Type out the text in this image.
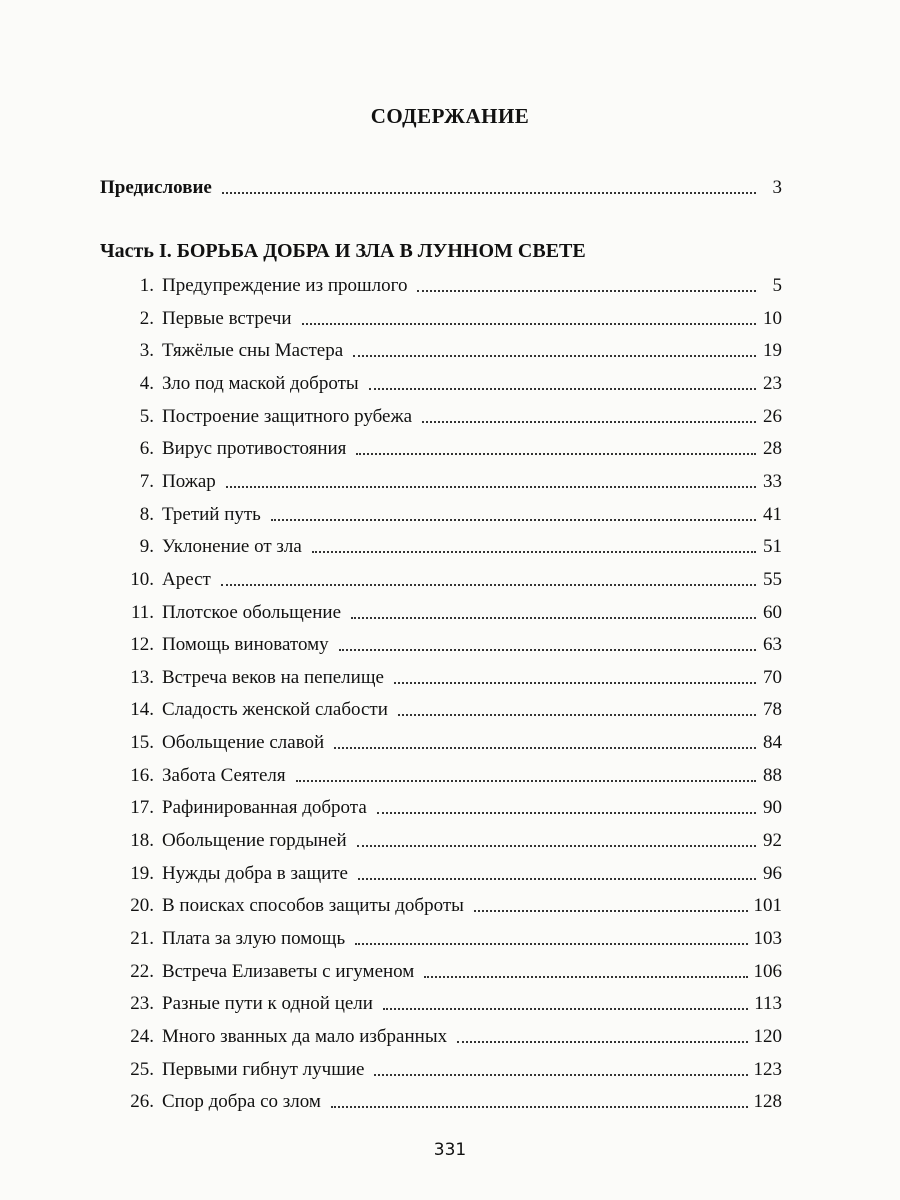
СОДЕРЖАНИЕ
Предисловие	3
Часть I. БОРЬБА ДОБРА И ЗЛА В ЛУННОМ СВЕТЕ
1. Предупреждение из прошлого	5
2. Первые встречи	10
3. Тяжёлые сны Мастера	19
4. Зло под маской доброты	23
5. Построение защитного рубежа	26
6. Вирус противостояния	28
7. Пожар	33
8. Третий путь	41
9. Уклонение от зла	51
10. Арест	55
11. Плотское обольщение	60
12. Помощь виноватому	63
13. Встреча веков на пепелище	70
14. Сладость женской слабости	78
15. Обольщение славой	84
16. Забота Сеятеля	88
17. Рафинированная доброта	90
18. Обольщение гордыней	92
19. Нужды добра в защите	96
20. В поисках способов защиты доброты	101
21. Плата за злую помощь	103
22. Встреча Елизаветы с игуменом	106
23. Разные пути к одной цели	113
24. Много званных да мало избранных	120
25. Первыми гибнут лучшие	123
26. Спор добра со злом	128
331
